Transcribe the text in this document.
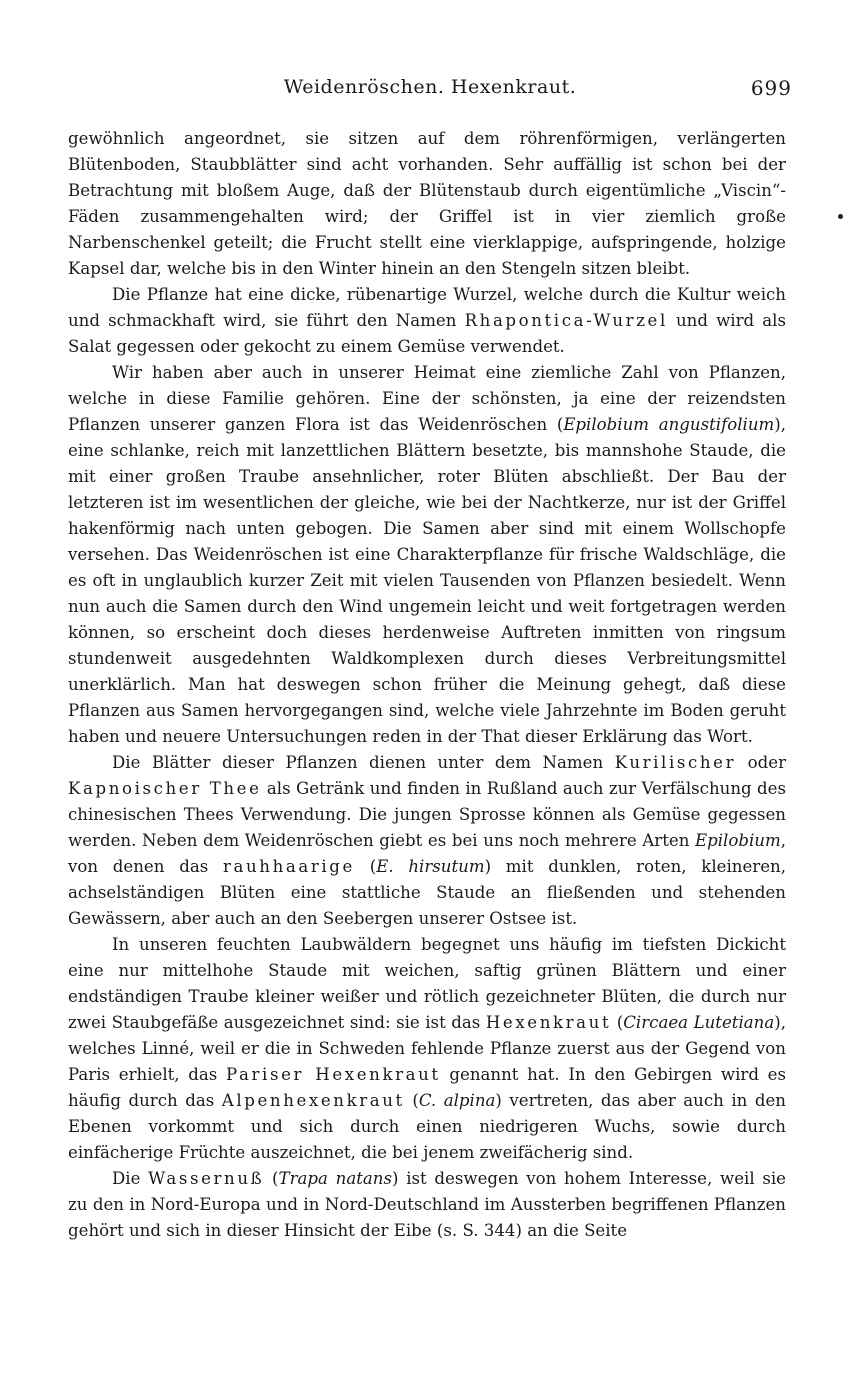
Weidenröschen. Hexenkraut.	699

gewöhnlich angeordnet, sie sitzen auf dem röhrenförmigen, verlängerten Blütenboden, Staubblätter sind acht vorhanden. Sehr auffällig ist schon bei der Betrachtung mit bloßem Auge, daß der Blütenstaub durch eigentümliche „Viscin“-Fäden zusammengehalten wird; der Griffel ist in vier ziemlich große Narbenschenkel geteilt; die Frucht stellt eine vierklappige, aufspringende, holzige Kapsel dar, welche bis in den Winter hinein an den Stengeln sitzen bleibt.

Die Pflanze hat eine dicke, rübenartige Wurzel, welche durch die Kultur weich und schmackhaft wird, sie führt den Namen Rhapontica-Wurzel und wird als Salat gegessen oder gekocht zu einem Gemüse verwendet.

Wir haben aber auch in unserer Heimat eine ziemliche Zahl von Pflanzen, welche in diese Familie gehören. Eine der schönsten, ja eine der reizendsten Pflanzen unserer ganzen Flora ist das Weidenröschen (Epilobium angustifolium), eine schlanke, reich mit lanzettlichen Blättern besetzte, bis mannshohe Staude, die mit einer großen Traube ansehnlicher, roter Blüten abschließt. Der Bau der letzteren ist im wesentlichen der gleiche, wie bei der Nachtkerze, nur ist der Griffel hakenförmig nach unten gebogen. Die Samen aber sind mit einem Wollschopfe versehen. Das Weidenröschen ist eine Charakterpflanze für frische Waldschläge, die es oft in unglaublich kurzer Zeit mit vielen Tausenden von Pflanzen besiedelt. Wenn nun auch die Samen durch den Wind ungemein leicht und weit fortgetragen werden können, so erscheint doch dieses herdenweise Auftreten inmitten von ringsum stundenweit ausgedehnten Waldkomplexen durch dieses Verbreitungsmittel unerklärlich. Man hat deswegen schon früher die Meinung gehegt, daß diese Pflanzen aus Samen hervorgegangen sind, welche viele Jahrzehnte im Boden geruht haben und neuere Untersuchungen reden in der That dieser Erklärung das Wort.

Die Blätter dieser Pflanzen dienen unter dem Namen Kurilischer oder Kapnoischer Thee als Getränk und finden in Rußland auch zur Verfälschung des chinesischen Thees Verwendung. Die jungen Sprosse können als Gemüse gegessen werden. Neben dem Weidenröschen giebt es bei uns noch mehrere Arten Epilobium, von denen das rauhhaarige (E. hirsutum) mit dunklen, roten, kleineren, achselständigen Blüten eine stattliche Staude an fließenden und stehenden Gewässern, aber auch an den Seebergen unserer Ostsee ist.

In unseren feuchten Laubwäldern begegnet uns häufig im tiefsten Dickicht eine nur mittelhohe Staude mit weichen, saftig grünen Blättern und einer endständigen Traube kleiner weißer und rötlich gezeichneter Blüten, die durch nur zwei Staubgefäße ausgezeichnet sind: sie ist das Hexenkraut (Circaea Lutetiana), welches Linné, weil er die in Schweden fehlende Pflanze zuerst aus der Gegend von Paris erhielt, das Pariser Hexenkraut genannt hat. In den Gebirgen wird es häufig durch das Alpenhexenkraut (C. alpina) vertreten, das aber auch in den Ebenen vorkommt und sich durch einen niedrigeren Wuchs, sowie durch einfächerige Früchte auszeichnet, die bei jenem zweifächerig sind.

Die Wassernuß (Trapa natans) ist deswegen von hohem Interesse, weil sie zu den in Nord-Europa und in Nord-Deutschland im Aussterben begriffenen Pflanzen gehört und sich in dieser Hinsicht der Eibe (s. S. 344) an die Seite
